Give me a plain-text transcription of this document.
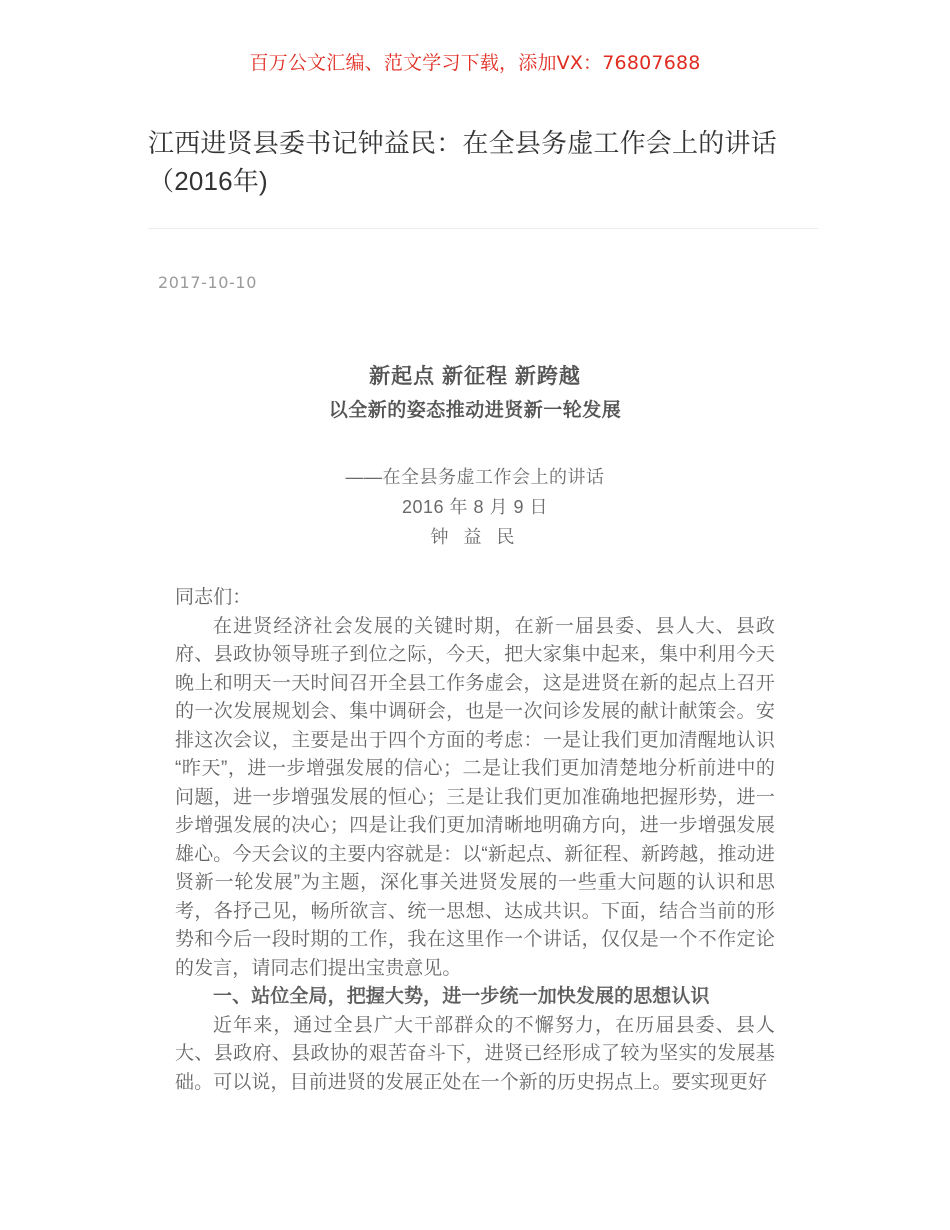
百万公文汇编、范文学习下载，添加VX：76807688
江西进贤县委书记钟益民：在全县务虚工作会上的讲话（2016年)
2017-10-10
新起点 新征程 新跨越
以全新的姿态推动进贤新一轮发展
——在全县务虚工作会上的讲话
2016 年 8 月 9 日
钟 益 民

同志们：

在进贤经济社会发展的关键时期，在新一届县委、县人大、县政府、县政协领导班子到位之际，今天，把大家集中起来，集中利用今天晚上和明天一天时间召开全县工作务虚会，这是进贤在新的起点上召开的一次发展规划会、集中调研会，也是一次问诊发展的献计献策会。安排这次会议，主要是出于四个方面的考虑：一是让我们更加清醒地认识“昨天”，进一步增强发展的信心；二是让我们更加清楚地分析前进中的问题，进一步增强发展的恒心；三是让我们更加准确地把握形势，进一步增强发展的决心；四是让我们更加清晰地明确方向，进一步增强发展雄心。今天会议的主要内容就是：以“新起点、新征程、新跨越，推动进贤新一轮发展”为主题，深化事关进贤发展的一些重大问题的认识和思考，各抒己见，畅所欲言、统一思想、达成共识。下面，结合当前的形势和今后一段时期的工作，我在这里作一个讲话，仅仅是一个不作定论的发言，请同志们提出宝贵意见。

一、站位全局，把握大势，进一步统一加快发展的思想认识

近年来，通过全县广大干部群众的不懈努力，在历届县委、县人大、县政府、县政协的艰苦奋斗下，进贤已经形成了较为坚实的发展基础。可以说，目前进贤的发展正处在一个新的历史拐点上。要实现更好
